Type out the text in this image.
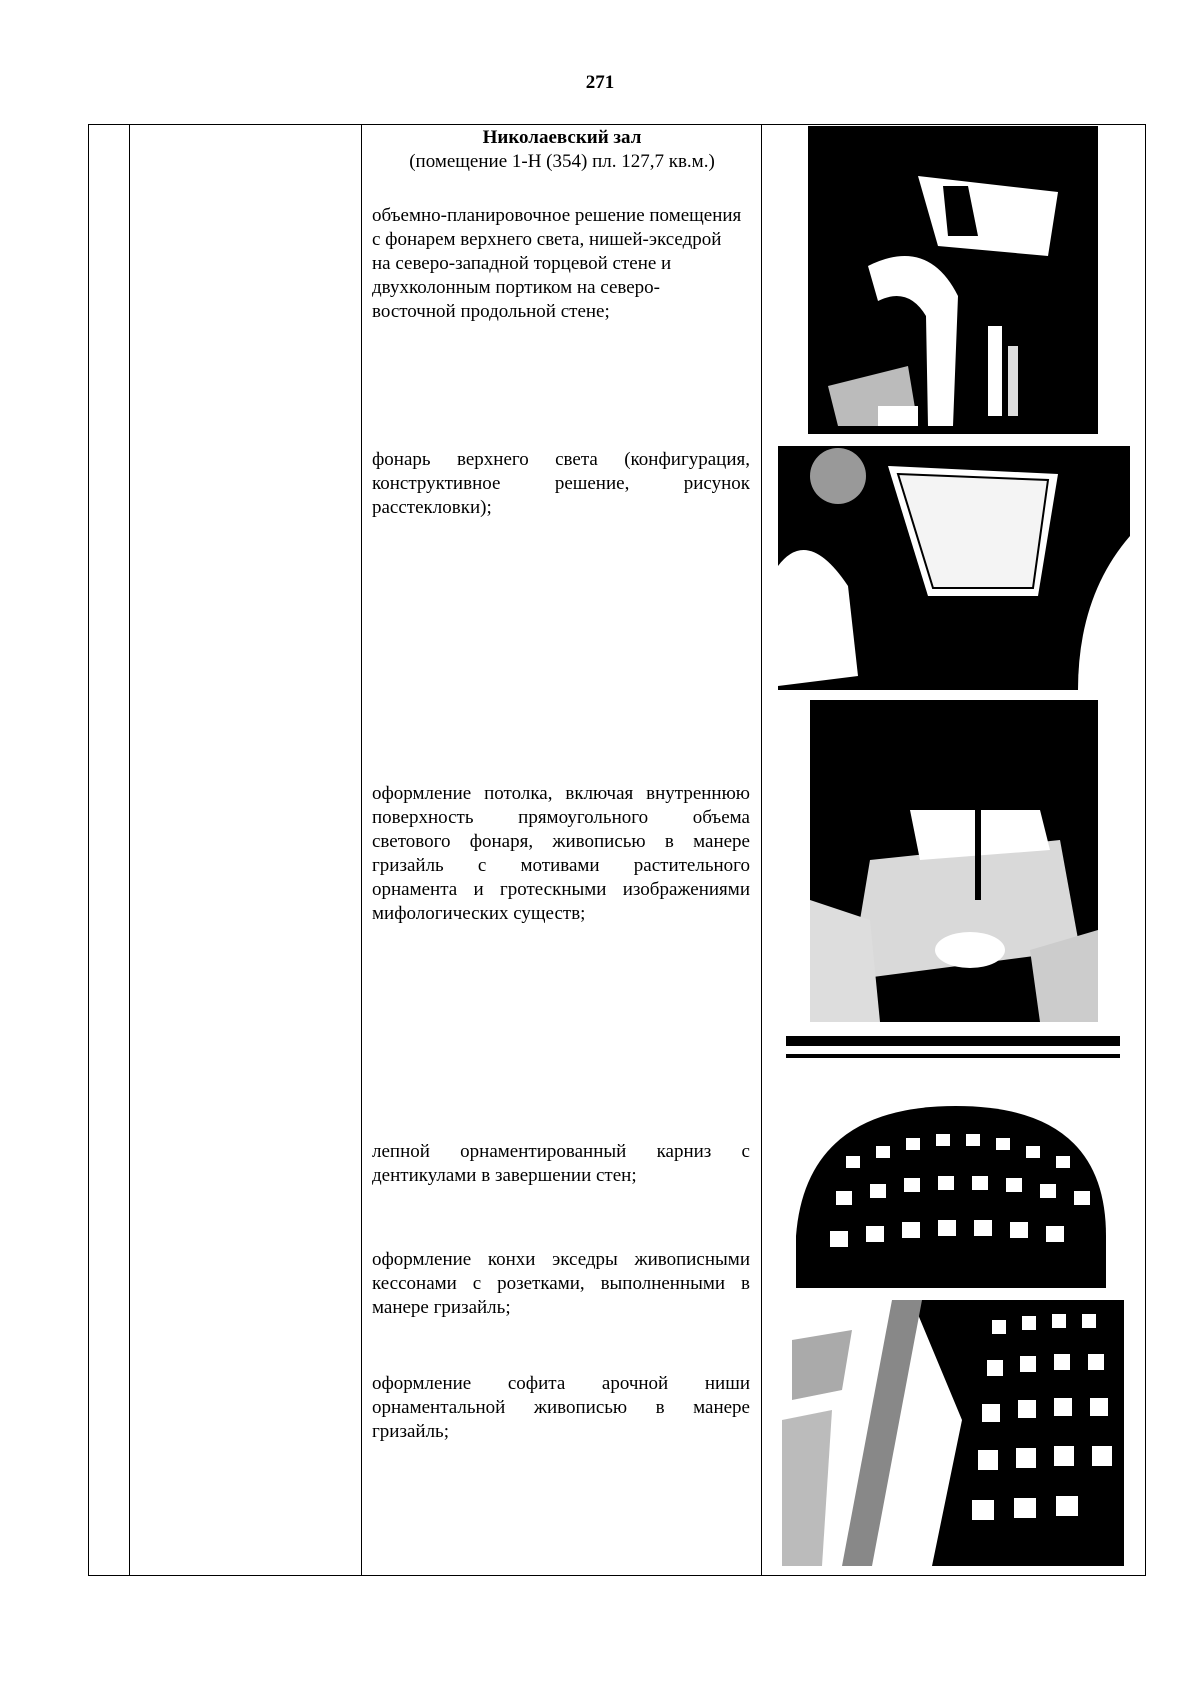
271
Николаевский зал
(помещение 1-Н (354) пл. 127,7 кв.м.)
объемно-планировочное решение помещения с фонарем верхнего света, нишей-экседрой на северо-западной торцевой стене и двухколонным портиком на северо-восточной продольной стене;
фонарь верхнего света (конфигурация, конструктивное решение, рисунок расстекловки);
оформление потолка, включая внутреннюю поверхность прямоугольного объема светового фонаря, живописью в манере гризайль с мотивами растительного орнамента и гротескными изображениями мифологических существ;
лепной орнаментированный карниз с дентикулами в завершении стен;
оформление конхи экседры живописными кессонами с розетками, выполненными в манере гризайль;
оформление софита арочной ниши орнаментальной живописью в манере гризайль;
